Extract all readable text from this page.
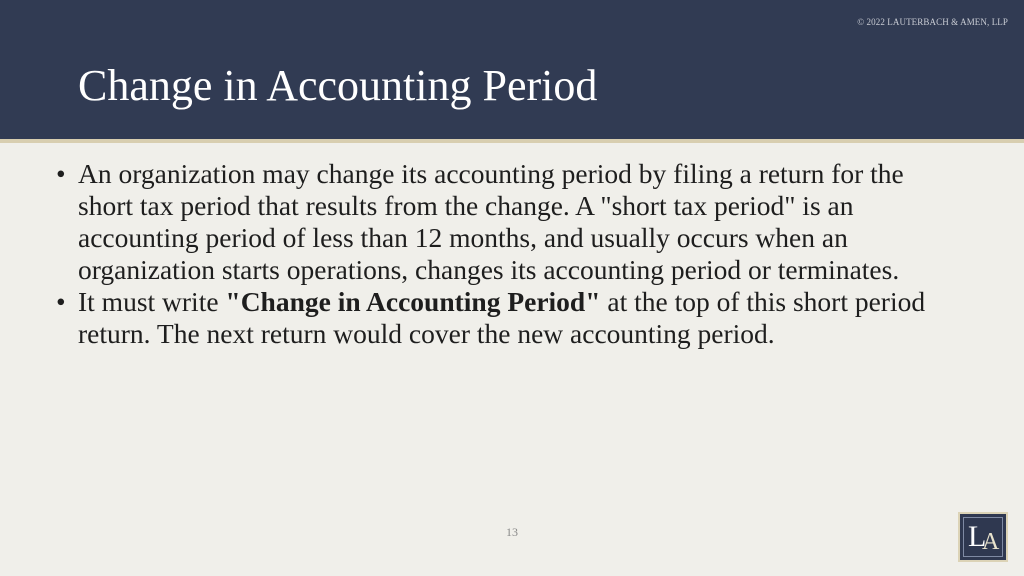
© 2022 LAUTERBACH & AMEN, LLP
Change in Accounting Period
• An organization may change its accounting period by filing a return for the short tax period that results from the change. A "short tax period" is an accounting period of less than 12 months, and usually occurs when an organization starts operations, changes its accounting period or terminates.
• It must write "Change in Accounting Period" at the top of this short period return. The next return would cover the new accounting period.
13	L
A
